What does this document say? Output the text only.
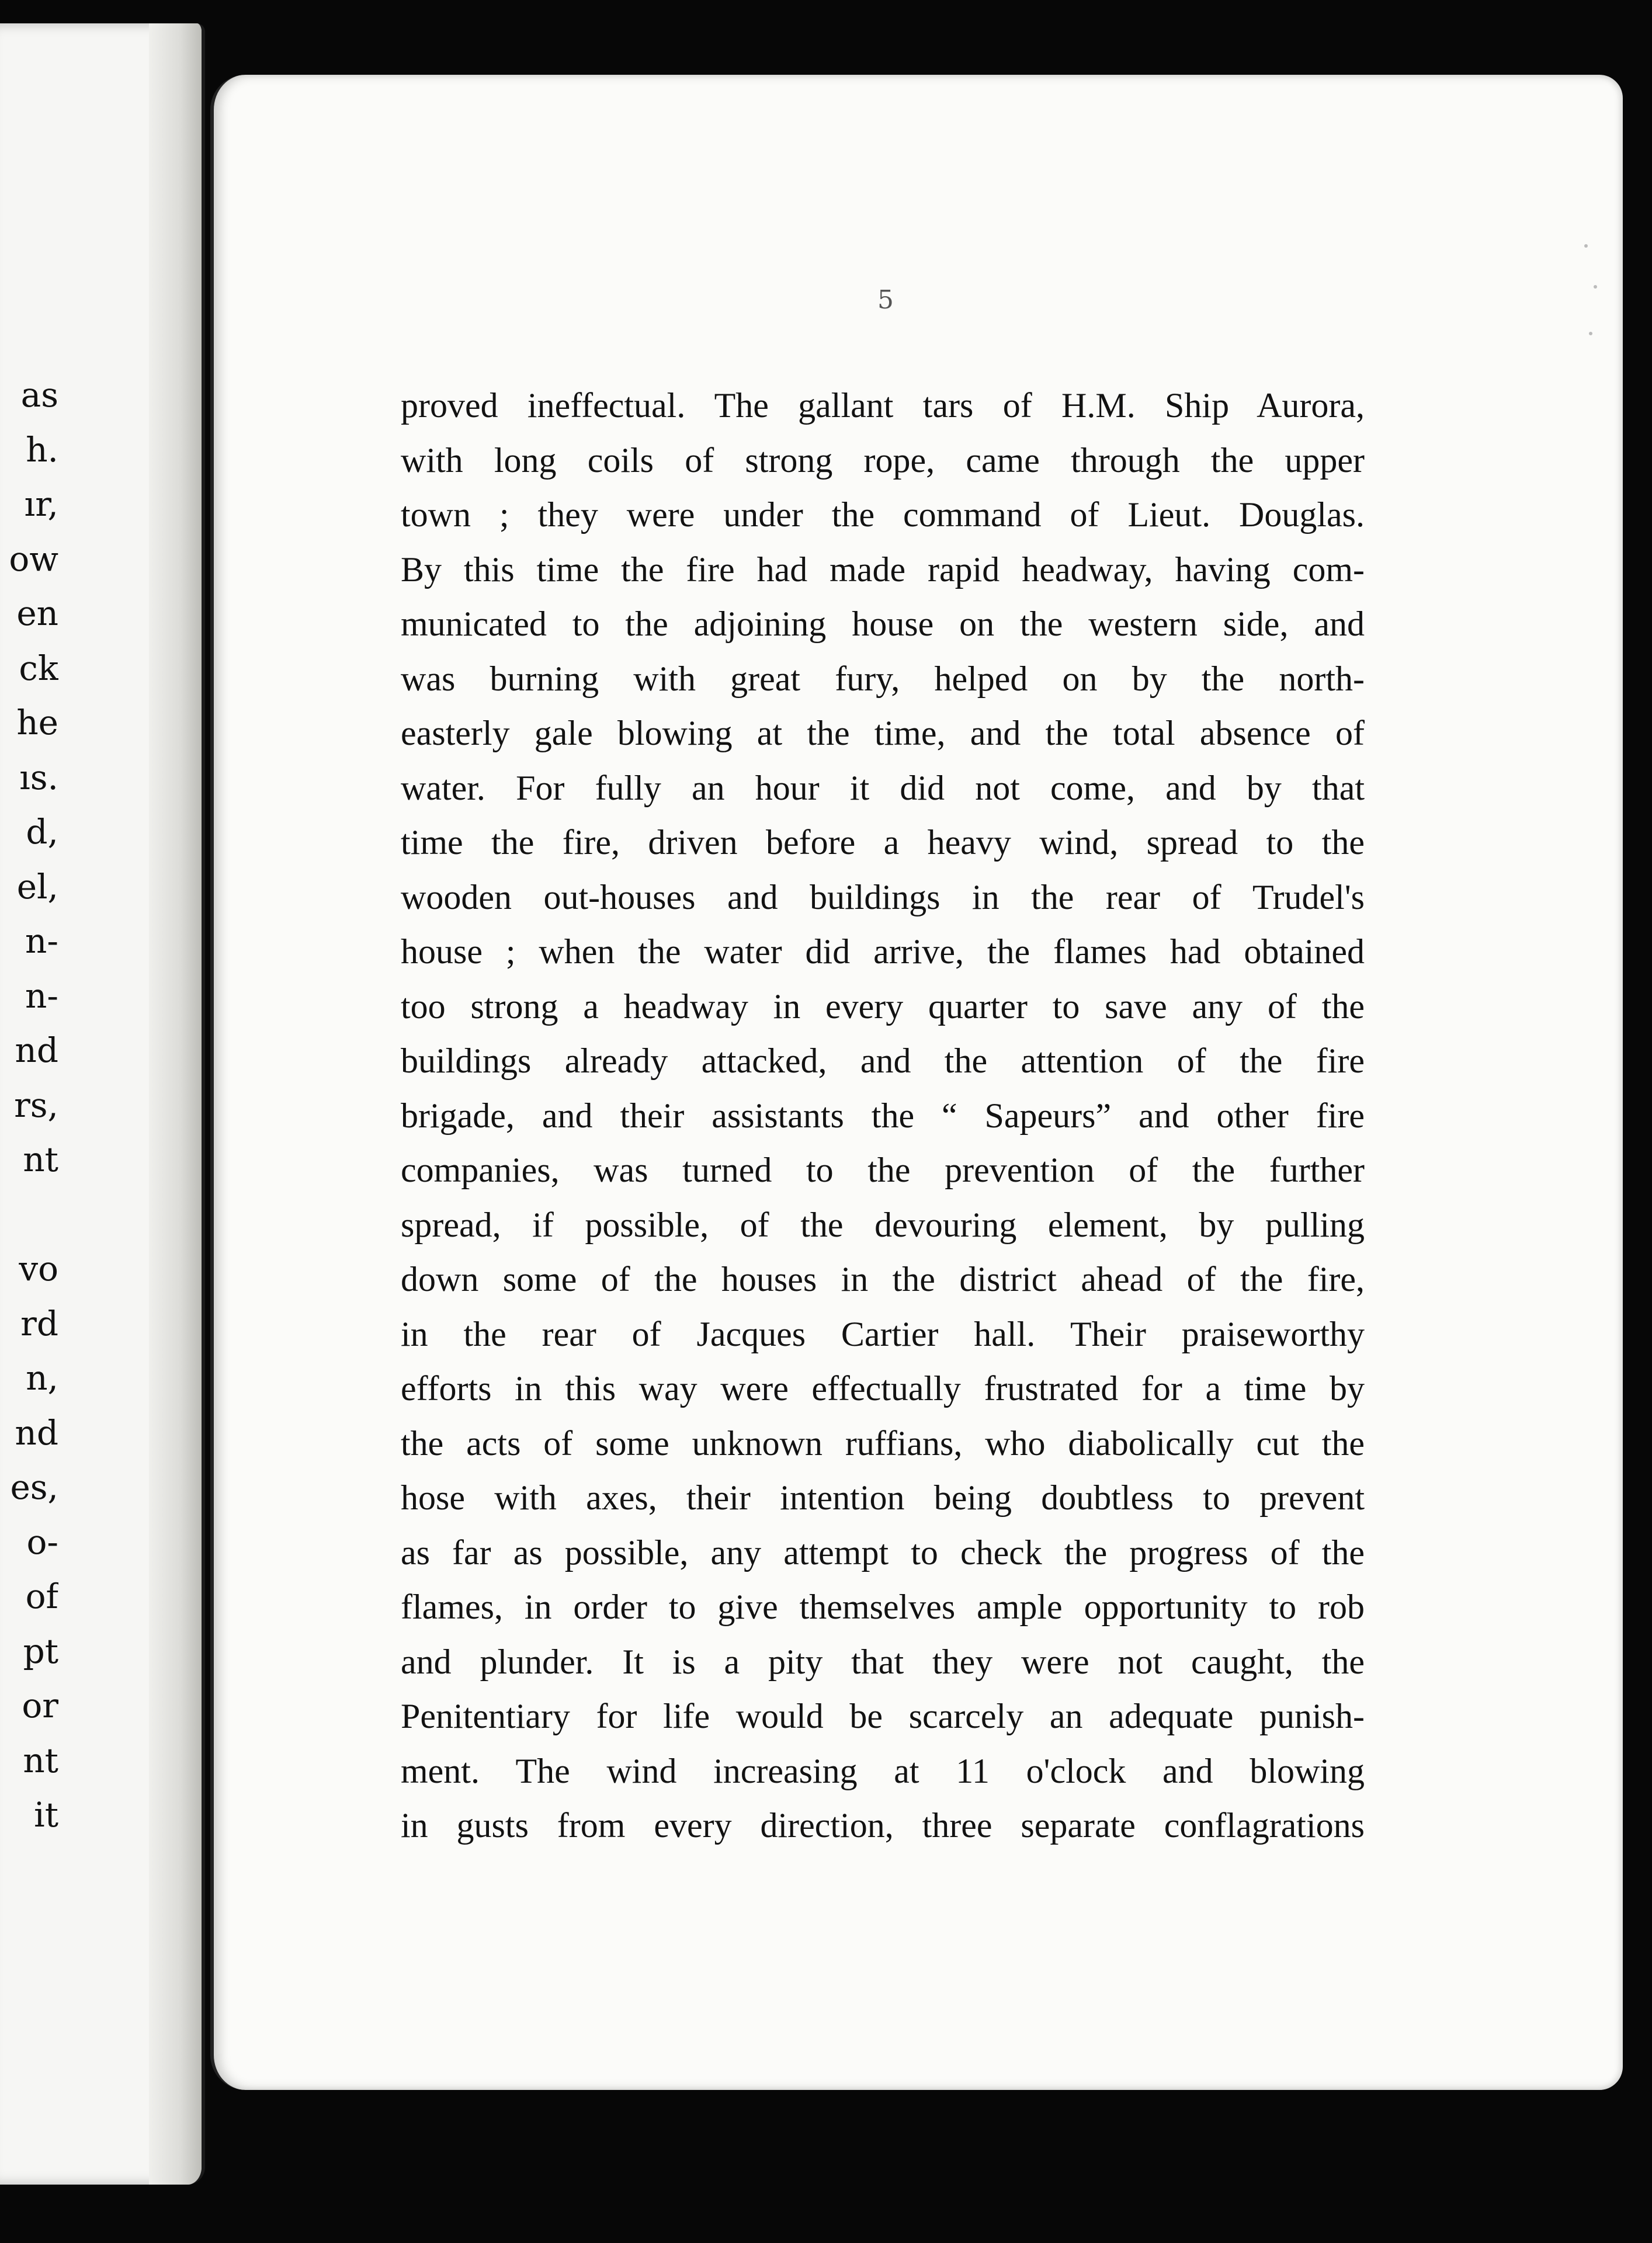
as
h.
ır,
ow
en
ck
he
ıs.
d,
el,
n-
n-
nd
rs,
nt
vo
rd
n,
nd
es,
o-
of
pt
or
nt
it
5
proved ineffectual. The gallant tars of H.M. Ship Aurora,
with long coils of strong rope, came through the upper
town ; they were under the command of Lieut. Douglas.
By this time the fire had made rapid headway, having com-
municated to the adjoining house on the western side, and
was burning with great fury, helped on by the north-
easterly gale blowing at the time, and the total absence of
water. For fully an hour it did not come, and by that
time the fire, driven before a heavy wind, spread to the
wooden out-houses and buildings in the rear of Trudel's
house ; when the water did arrive, the flames had obtained
too strong a headway in every quarter to save any of the
buildings already attacked, and the attention of the fire
brigade, and their assistants the “ Sapeurs” and other fire
companies, was turned to the prevention of the further
spread, if possible, of the devouring element, by pulling
down some of the houses in the district ahead of the fire,
in the rear of Jacques Cartier hall. Their praiseworthy
efforts in this way were effectually frustrated for a time by
the acts of some unknown ruffians, who diabolically cut the
hose with axes, their intention being doubtless to prevent
as far as possible, any attempt to check the progress of the
flames, in order to give themselves ample opportunity to rob
and plunder. It is a pity that they were not caught, the
Penitentiary for life would be scarcely an adequate punish-
ment. The wind increasing at 11 o'clock and blowing
in gusts from every direction, three separate conflagrations
